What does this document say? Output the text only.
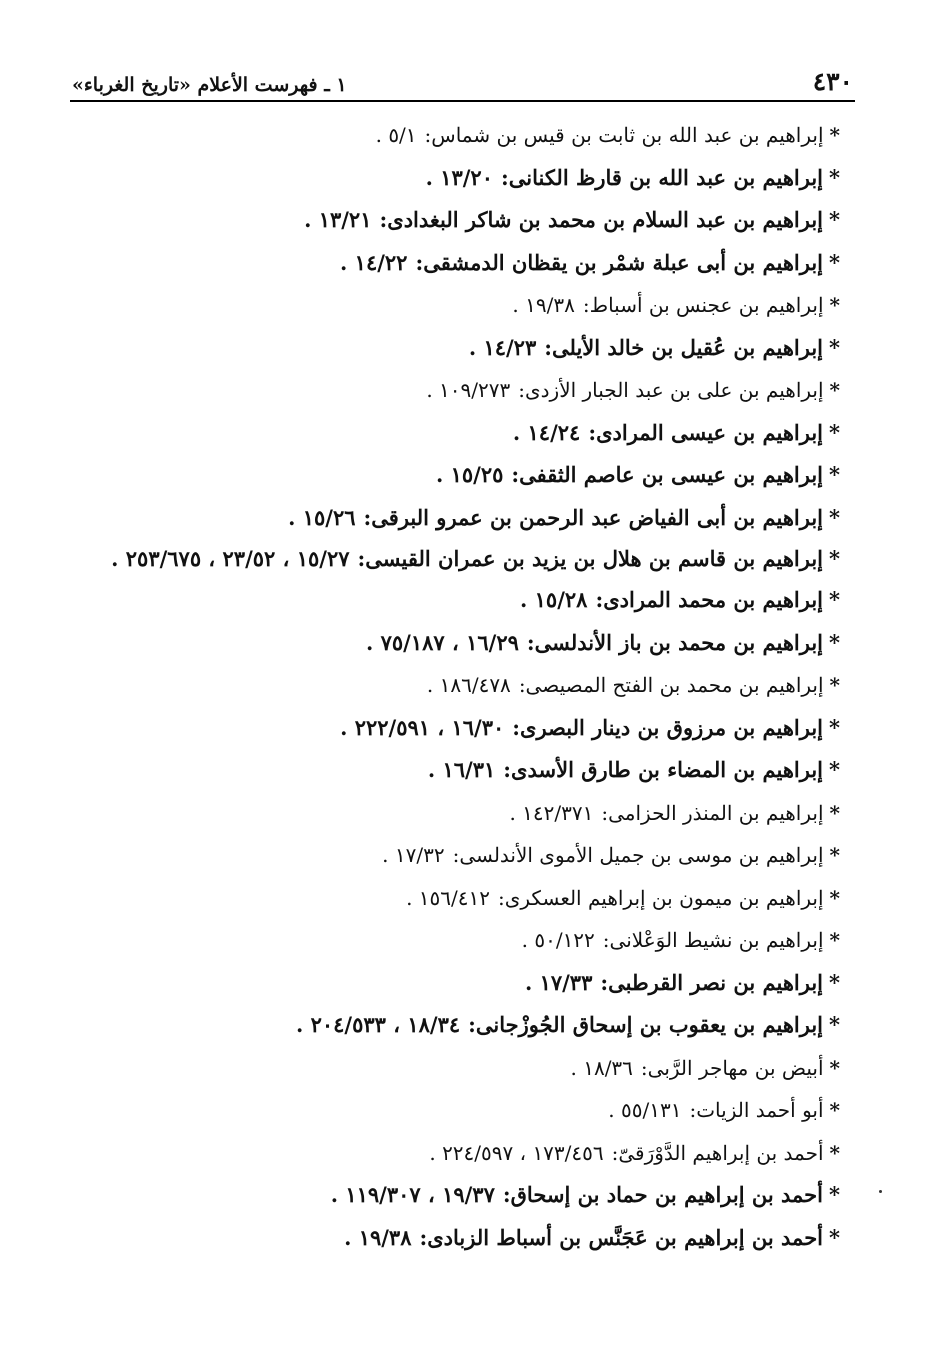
٤٣٠
١ ـ فهرست الأعلام «تاريخ الغرباء»
*إبراهيم بن عبد الله بن ثابت بن قيس بن شماس:٥/١ .
*إبراهيم بن عبد الله بن قارظ الكنانى:١٣/٢٠ .
*إبراهيم بن عبد السلام بن محمد بن شاكر البغدادى:١٣/٢١ .
*إبراهيم بن أبى عبلة شمْر بن يقظان الدمشقى:١٤/٢٢ .
*إبراهيم بن عجنس بن أسباط:١٩/٣٨ .
*إبراهيم بن عُقيل بن خالد الأيلى:١٤/٢٣ .
*إبراهيم بن على بن عبد الجبار الأزدى:١٠٩/٢٧٣ .
*إبراهيم بن عيسى المرادى:١٤/٢٤ .
*إبراهيم بن عيسى بن عاصم الثقفى:١٥/٢٥ .
*إبراهيم بن أبى الفياض عبد الرحمن بن عمرو البرقى:١٥/٢٦ .
*إبراهيم بن قاسم بن هلال بن يزيد بن عمران القيسى:١٥/٢٧ ، ٢٣/٥٢ ، ٢٥٣/٦٧٥ .
*إبراهيم بن محمد المرادى:١٥/٢٨ .
*إبراهيم بن محمد بن باز الأندلسى:١٦/٢٩ ، ٧٥/١٨٧ .
*إبراهيم بن محمد بن الفتح المصيصى:١٨٦/٤٧٨ .
*إبراهيم بن مرزوق بن دينار البصرى:١٦/٣٠ ، ٢٢٢/٥٩١ .
*إبراهيم بن المضاء بن طارق الأسدى:١٦/٣١ .
*إبراهيم بن المنذر الحزامى:١٤٢/٣٧١ .
*إبراهيم بن موسى بن جميل الأموى الأندلسى:١٧/٣٢ .
*إبراهيم بن ميمون بن إبراهيم العسكرى:١٥٦/٤١٢ .
*إبراهيم بن نشيط الوَعْلانى:٥٠/١٢٢ .
*إبراهيم بن نصر القرطبى:١٧/٣٣ .
*إبراهيم بن يعقوب بن إسحاق الجُوزْجانى:١٨/٣٤ ، ٢٠٤/٥٣٣ .
*أبيض بن مهاجر الرَّبى:١٨/٣٦ .
*أبو أحمد الزيات:٥٥/١٣١ .
*أحمد بن إبراهيم الدَّوْرَقىّ:١٧٣/٤٥٦ ، ٢٢٤/٥٩٧ .
*أحمد بن إبراهيم بن حماد بن إسحاق:١٩/٣٧ ، ١١٩/٣٠٧ .
*أحمد بن إبراهيم بن عَجَنَّس بن أسباط الزبادى:١٩/٣٨ .
